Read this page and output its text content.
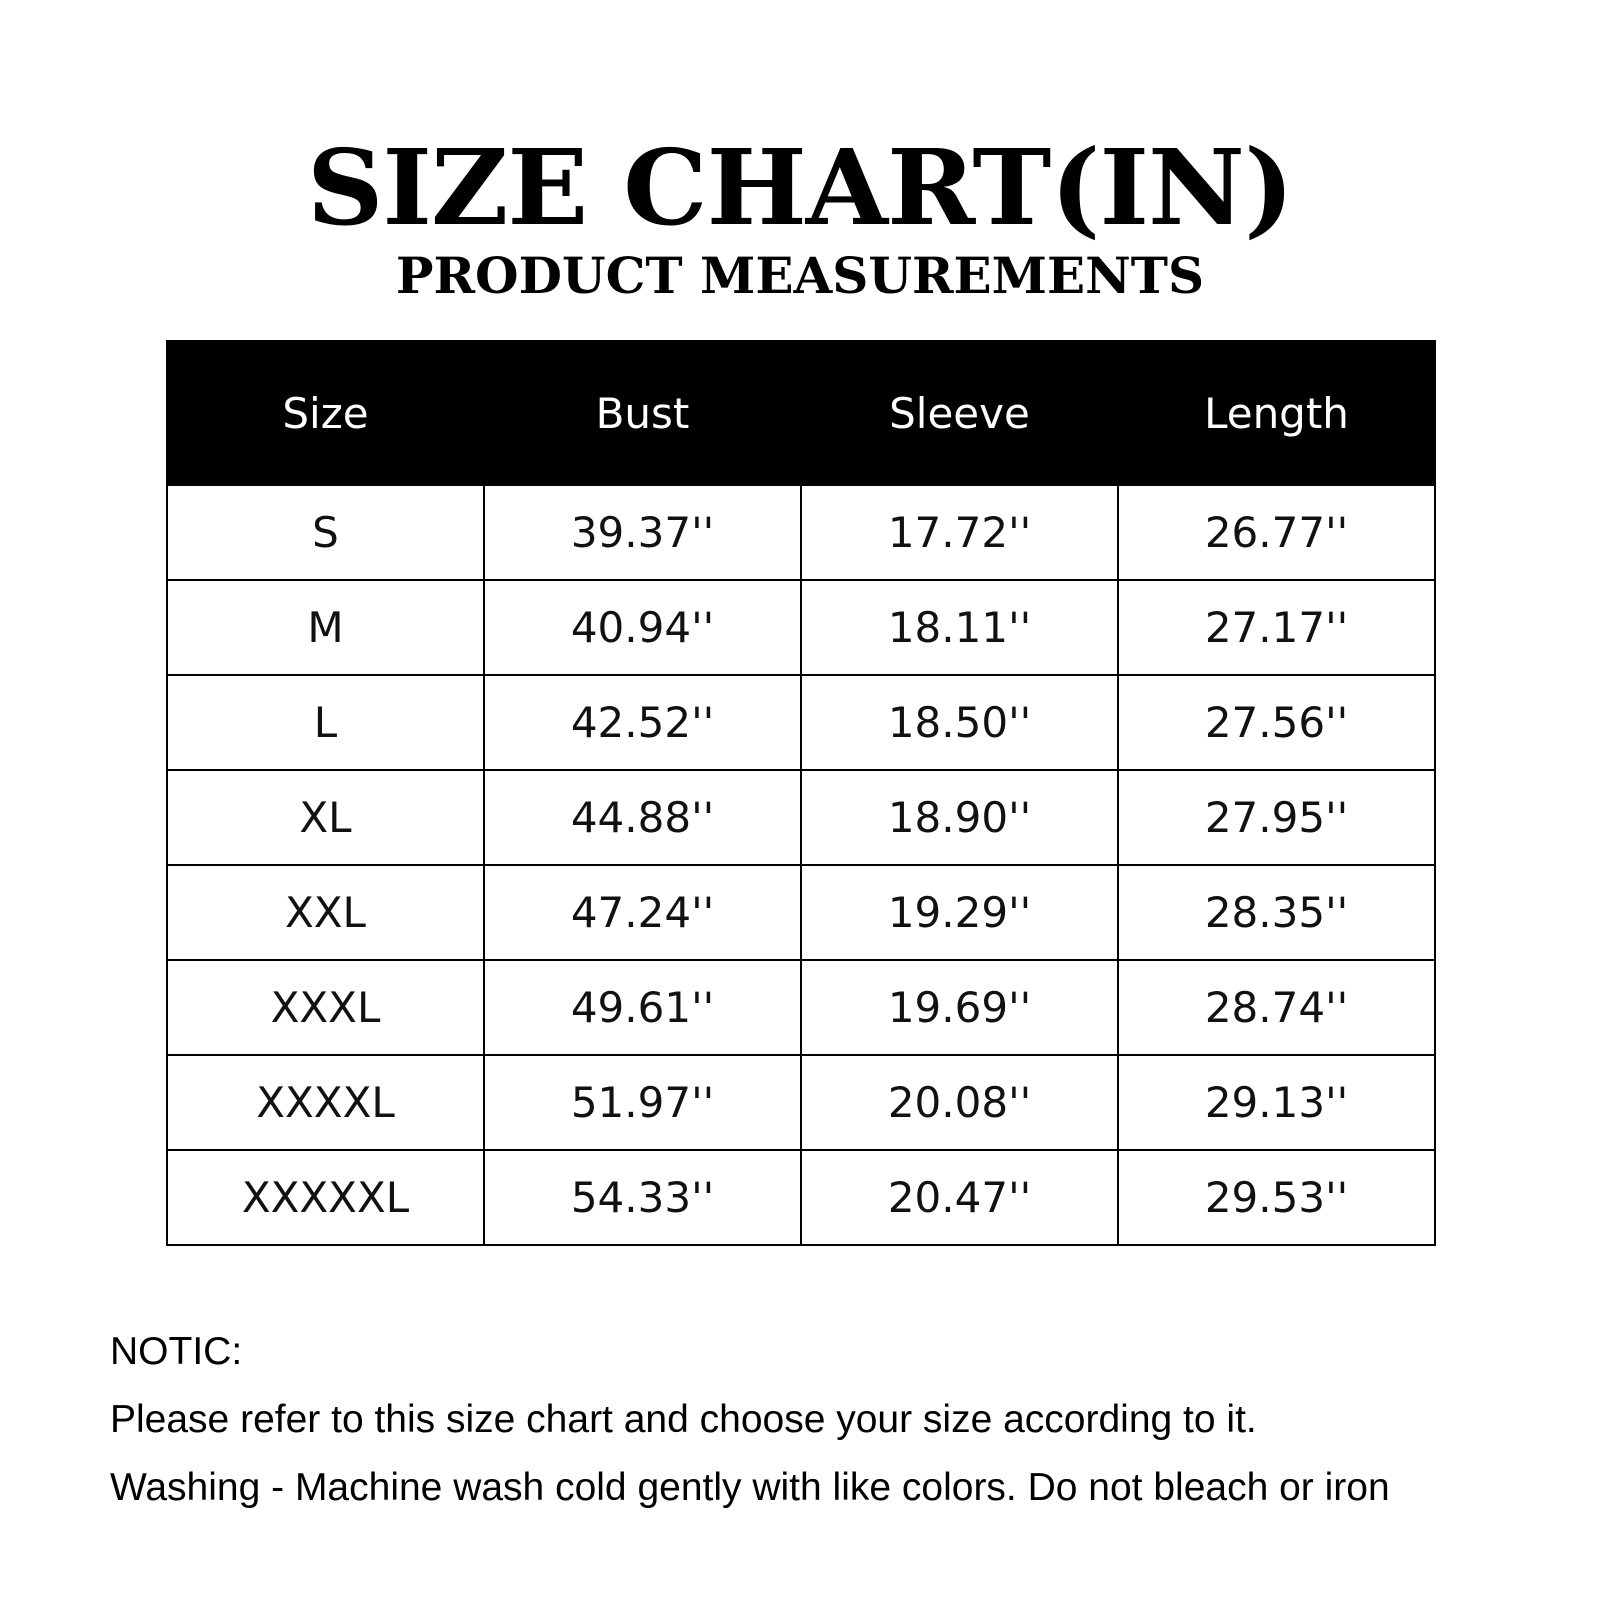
SIZE CHART(IN)
PRODUCT MEASUREMENTS
Size	Bust	Sleeve	Length
S	39.37''	17.72''	26.77''
M	40.94''	18.11''	27.17''
L	42.52''	18.50''	27.56''
XL	44.88''	18.90''	27.95''
XXL	47.24''	19.29''	28.35''
XXXL	49.61''	19.69''	28.74''
XXXXL	51.97''	20.08''	29.13''
XXXXXL	54.33''	20.47''	29.53''

NOTIC:

Please refer to this size chart and choose your size according to it.

Washing - Machine wash cold gently with like colors. Do not bleach or iron
